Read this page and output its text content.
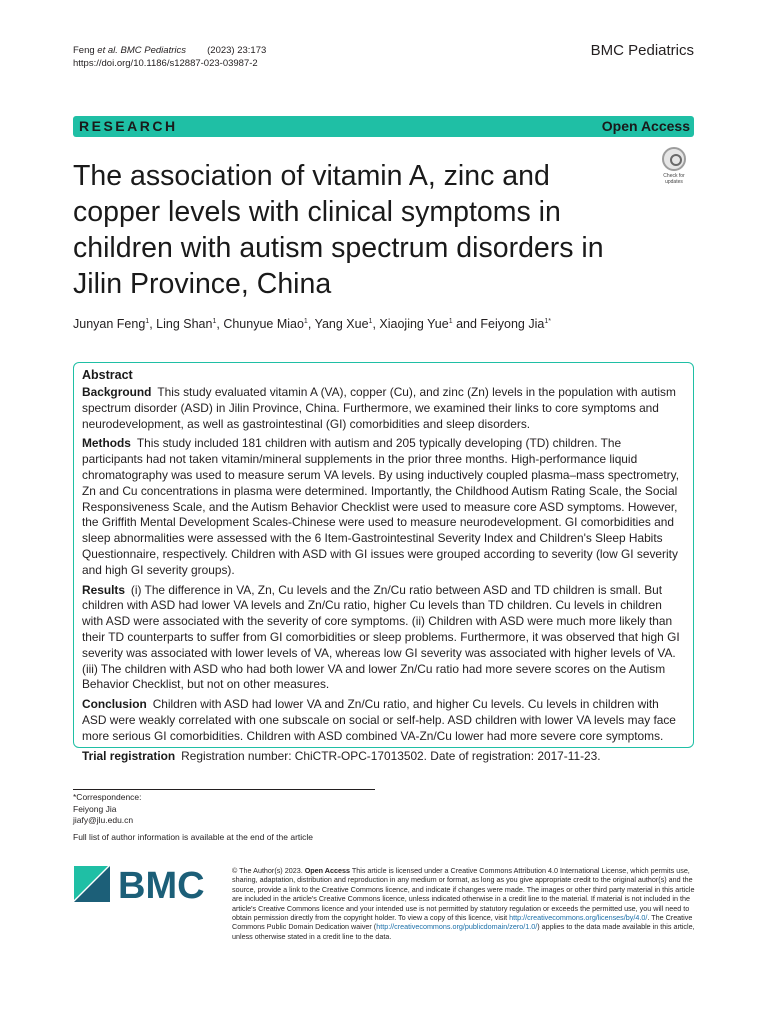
Feng et al. BMC Pediatrics (2023) 23:173
https://doi.org/10.1186/s12887-023-03987-2
BMC Pediatrics
RESEARCH	Open Access
Check for
updates
The association of vitamin A, zinc and copper levels with clinical symptoms in children with autism spectrum disorders in Jilin Province, China
Junyan Feng$^1$, Ling Shan$^1$, Chunyue Miao$^1$, Yang Xue$^1$, Xiaojing Yue$^1$ and Feiyong Jia$^{1*}$
Abstract

Background  This study evaluated vitamin A (VA), copper (Cu), and zinc (Zn) levels in the population with autism spectrum disorder (ASD) in Jilin Province, China. Furthermore, we examined their links to core symptoms and neurodevelopment, as well as gastrointestinal (GI) comorbidities and sleep disorders.

Methods  This study included 181 children with autism and 205 typically developing (TD) children. The participants had not taken vitamin/mineral supplements in the prior three months. High-performance liquid chromatography was used to measure serum VA levels. By using inductively coupled plasma–mass spectrometry, Zn and Cu concentrations in plasma were determined. Importantly, the Childhood Autism Rating Scale, the Social Responsiveness Scale, and the Autism Behavior Checklist were used to measure core ASD symptoms. However, the Griffith Mental Development Scales-Chinese were used to measure neurodevelopment. GI comorbidities and sleep abnormalities were assessed with the 6 Item-Gastrointestinal Severity Index and Children's Sleep Habits Questionnaire, respectively. Children with ASD with GI issues were grouped according to severity (low GI severity and high GI severity groups).

Results  (i) The difference in VA, Zn, Cu levels and the Zn/Cu ratio between ASD and TD children is small. But children with ASD had lower VA levels and Zn/Cu ratio, higher Cu levels than TD children. Cu levels in children with ASD were associated with the severity of core symptoms. (ii) Children with ASD were much more likely than their TD counterparts to suffer from GI comorbidities or sleep problems. Furthermore, it was observed that high GI severity was associated with lower levels of VA, whereas low GI severity was associated with higher levels of VA. (iii) The children with ASD who had both lower VA and lower Zn/Cu ratio had more severe scores on the Autism Behavior Checklist, but not on other measures.

Conclusion  Children with ASD had lower VA and Zn/Cu ratio, and higher Cu levels. Cu levels in children with ASD were weakly correlated with one subscale on social or self-help. ASD children with lower VA levels may face more serious GI comorbidities. Children with ASD combined VA-Zn/Cu lower had more severe core symptoms.

Trial registration  Registration number: ChiCTR-OPC-17013502. Date of registration: 2017-11-23.

*Correspondence:
Feiyong Jia
jiafy@jlu.edu.cn
Full list of author information is available at the end of the article
BMC	© The Author(s) 2023. Open Access This article is licensed under a Creative Commons Attribution 4.0 International License, which permits use, sharing, adaptation, distribution and reproduction in any medium or format, as long as you give appropriate credit to the original author(s) and the source, provide a link to the Creative Commons licence, and indicate if changes were made. The images or other third party material in this article are included in the article's Creative Commons licence, unless indicated otherwise in a credit line to the material. If material is not included in the article's Creative Commons licence and your intended use is not permitted by statutory regulation or exceeds the permitted use, you will need to obtain permission directly from the copyright holder. To view a copy of this licence, visit http://creativecommons.org/licenses/by/4.0/. The Creative Commons Public Domain Dedication waiver (http://creativecommons.org/publicdomain/zero/1.0/) applies to the data made available in this article, unless otherwise stated in a credit line to the data.
